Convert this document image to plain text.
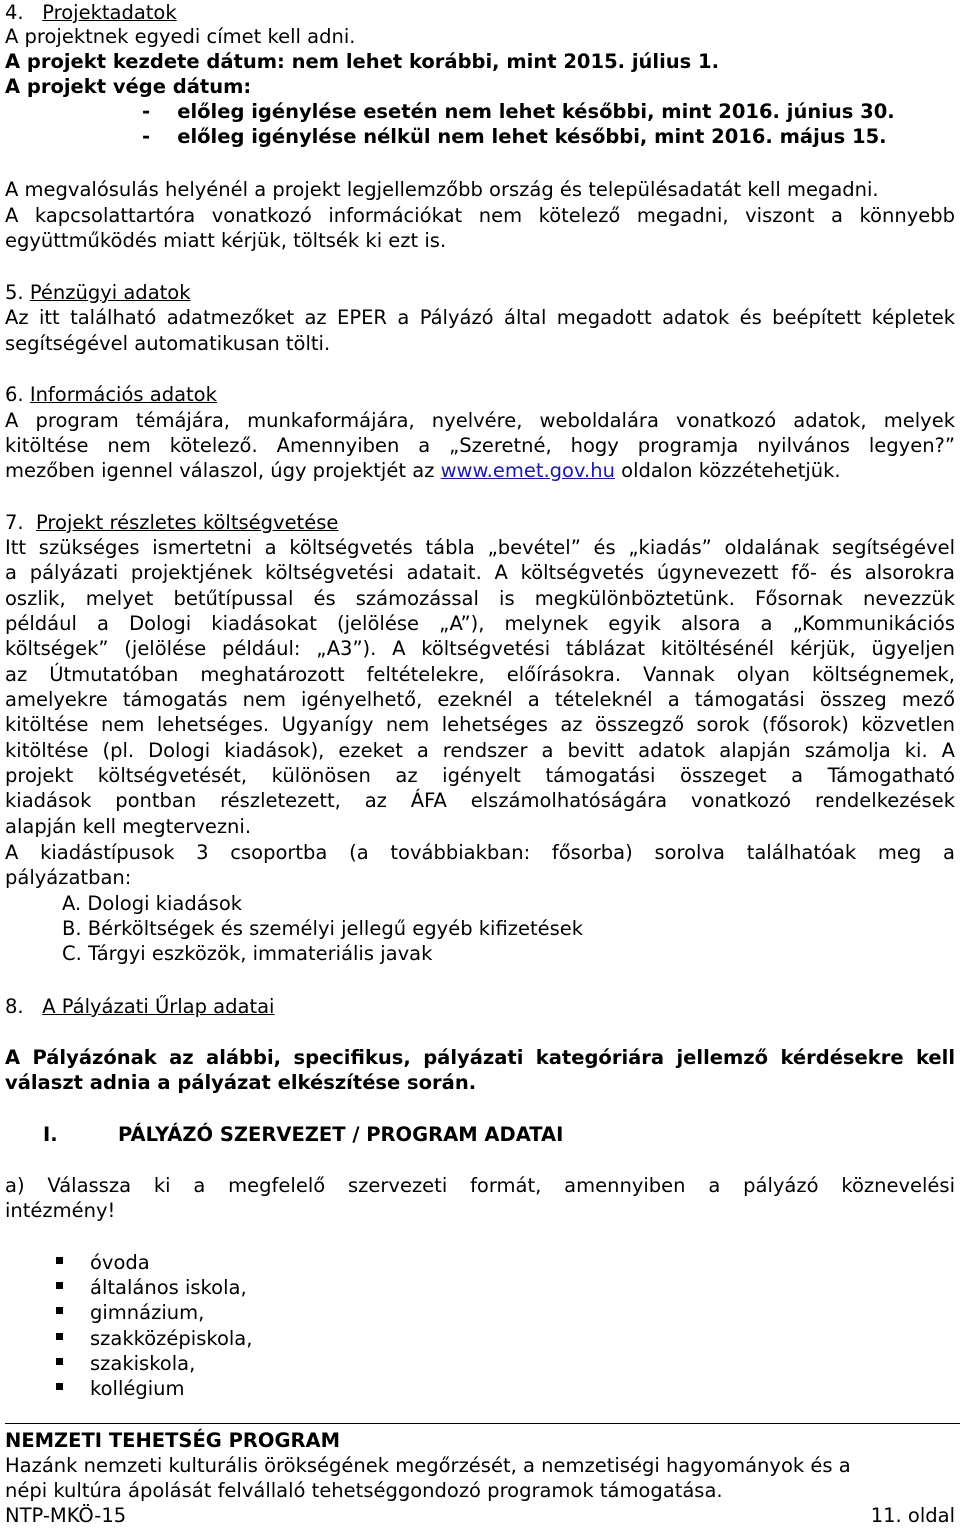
4. Projektadatok
A projektnek egyedi címet kell adni.
A projekt kezdete dátum: nem lehet korábbi, mint 2015. július 1.
A projekt vége dátum:
- előleg igénylése esetén nem lehet későbbi, mint 2016. június 30.
- előleg igénylése nélkül nem lehet későbbi, mint 2016. május 15.
A megvalósulás helyénél a projekt legjellemzőbb ország és településadatát kell megadni.
A kapcsolattartóra vonatkozó információkat nem kötelező megadni, viszont a könnyebb
együttműködés miatt kérjük, töltsék ki ezt is.
5. Pénzügyi adatok
Az itt található adatmezőket az EPER a Pályázó által megadott adatok és beépített képletek
segítségével automatikusan tölti.
6. Információs adatok
A program témájára, munkaformájára, nyelvére, weboldalára vonatkozó adatok, melyek
kitöltése nem kötelező. Amennyiben a „Szeretné, hogy programja nyilvános legyen?”
mezőben igennel válaszol, úgy projektjét az www.emet.gov.hu oldalon közzétehetjük.
7. Projekt részletes költségvetése
Itt szükséges ismertetni a költségvetés tábla „bevétel” és „kiadás” oldalának segítségével
a pályázati projektjének költségvetési adatait. A költségvetés úgynevezett fő- és alsorokra
oszlik, melyet betűtípussal és számozással is megkülönböztetünk. Fősornak nevezzük
például a Dologi kiadásokat (jelölése „A”), melynek egyik alsora a „Kommunikációs
költségek” (jelölése például: „A3”). A költségvetési táblázat kitöltésénél kérjük, ügyeljen
az Útmutatóban meghatározott feltételekre, előírásokra. Vannak olyan költségnemek,
amelyekre támogatás nem igényelhető, ezeknél a tételeknél a támogatási összeg mező
kitöltése nem lehetséges. Ugyanígy nem lehetséges az összegző sorok (fősorok) közvetlen
kitöltése (pl. Dologi kiadások), ezeket a rendszer a bevitt adatok alapján számolja ki. A
projekt költségvetését, különösen az igényelt támogatási összeget a Támogatható
kiadások pontban részletezett, az ÁFA elszámolhatóságára vonatkozó rendelkezések
alapján kell megtervezni.
A kiadástípusok 3 csoportba (a továbbiakban: fősorba) sorolva találhatóak meg a
pályázatban:
A. Dologi kiadások
B. Bérköltségek és személyi jellegű egyéb kifizetések
C. Tárgyi eszközök, immateriális javak
8. A Pályázati Űrlap adatai
A Pályázónak az alábbi, specifikus, pályázati kategóriára jellemző kérdésekre kell
választ adnia a pályázat elkészítése során.
I.	PÁLYÁZÓ SZERVEZET / PROGRAM ADATAI
a) Válassza ki a megfelelő szervezeti formát, amennyiben a pályázó köznevelési
intézmény!
óvoda
általános iskola,
gimnázium,
szakközépiskola,
szakiskola,
kollégium
NEMZETI TEHETSÉG PROGRAM
Hazánk nemzeti kulturális örökségének megőrzését, a nemzetiségi hagyományok és a
népi kultúra ápolását felvállaló tehetséggondozó programok támogatása.
NTP-MKÖ-15	11. oldal
